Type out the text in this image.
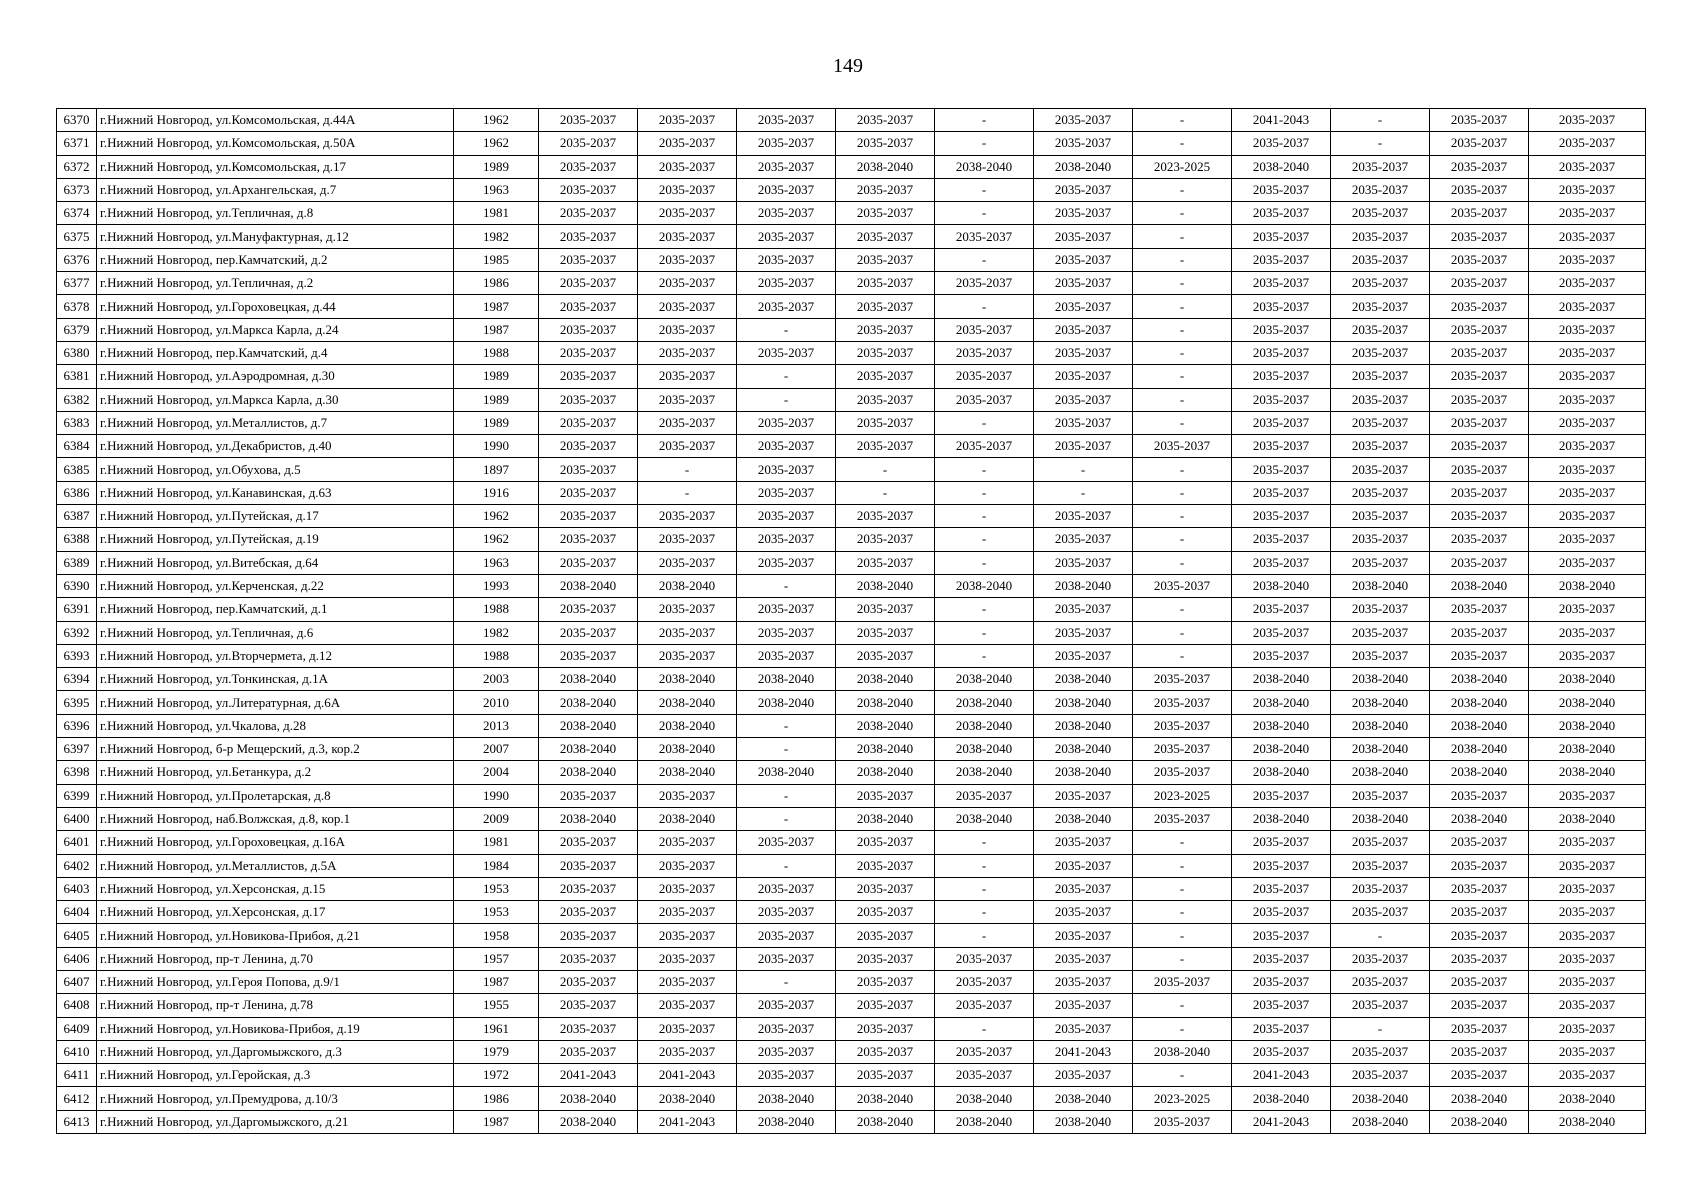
149
6370	г.Нижний Новгород, ул.Комсомольская, д.44А	1962	2035-2037	2035-2037	2035-2037	2035-2037	-	2035-2037	-	2041-2043	-	2035-2037	2035-2037
6371	г.Нижний Новгород, ул.Комсомольская, д.50А	1962	2035-2037	2035-2037	2035-2037	2035-2037	-	2035-2037	-	2035-2037	-	2035-2037	2035-2037
6372	г.Нижний Новгород, ул.Комсомольская, д.17	1989	2035-2037	2035-2037	2035-2037	2038-2040	2038-2040	2038-2040	2023-2025	2038-2040	2035-2037	2035-2037	2035-2037
6373	г.Нижний Новгород, ул.Архангельская, д.7	1963	2035-2037	2035-2037	2035-2037	2035-2037	-	2035-2037	-	2035-2037	2035-2037	2035-2037	2035-2037
6374	г.Нижний Новгород, ул.Тепличная, д.8	1981	2035-2037	2035-2037	2035-2037	2035-2037	-	2035-2037	-	2035-2037	2035-2037	2035-2037	2035-2037
6375	г.Нижний Новгород, ул.Мануфактурная, д.12	1982	2035-2037	2035-2037	2035-2037	2035-2037	2035-2037	2035-2037	-	2035-2037	2035-2037	2035-2037	2035-2037
6376	г.Нижний Новгород, пер.Камчатский, д.2	1985	2035-2037	2035-2037	2035-2037	2035-2037	-	2035-2037	-	2035-2037	2035-2037	2035-2037	2035-2037
6377	г.Нижний Новгород, ул.Тепличная, д.2	1986	2035-2037	2035-2037	2035-2037	2035-2037	2035-2037	2035-2037	-	2035-2037	2035-2037	2035-2037	2035-2037
6378	г.Нижний Новгород, ул.Гороховецкая, д.44	1987	2035-2037	2035-2037	2035-2037	2035-2037	-	2035-2037	-	2035-2037	2035-2037	2035-2037	2035-2037
6379	г.Нижний Новгород, ул.Маркса Карла, д.24	1987	2035-2037	2035-2037	-	2035-2037	2035-2037	2035-2037	-	2035-2037	2035-2037	2035-2037	2035-2037
6380	г.Нижний Новгород, пер.Камчатский, д.4	1988	2035-2037	2035-2037	2035-2037	2035-2037	2035-2037	2035-2037	-	2035-2037	2035-2037	2035-2037	2035-2037
6381	г.Нижний Новгород, ул.Аэродромная, д.30	1989	2035-2037	2035-2037	-	2035-2037	2035-2037	2035-2037	-	2035-2037	2035-2037	2035-2037	2035-2037
6382	г.Нижний Новгород, ул.Маркса Карла, д.30	1989	2035-2037	2035-2037	-	2035-2037	2035-2037	2035-2037	-	2035-2037	2035-2037	2035-2037	2035-2037
6383	г.Нижний Новгород, ул.Металлистов, д.7	1989	2035-2037	2035-2037	2035-2037	2035-2037	-	2035-2037	-	2035-2037	2035-2037	2035-2037	2035-2037
6384	г.Нижний Новгород, ул.Декабристов, д.40	1990	2035-2037	2035-2037	2035-2037	2035-2037	2035-2037	2035-2037	2035-2037	2035-2037	2035-2037	2035-2037	2035-2037
6385	г.Нижний Новгород, ул.Обухова, д.5	1897	2035-2037	-	2035-2037	-	-	-	-	2035-2037	2035-2037	2035-2037	2035-2037
6386	г.Нижний Новгород, ул.Канавинская, д.63	1916	2035-2037	-	2035-2037	-	-	-	-	2035-2037	2035-2037	2035-2037	2035-2037
6387	г.Нижний Новгород, ул.Путейская, д.17	1962	2035-2037	2035-2037	2035-2037	2035-2037	-	2035-2037	-	2035-2037	2035-2037	2035-2037	2035-2037
6388	г.Нижний Новгород, ул.Путейская, д.19	1962	2035-2037	2035-2037	2035-2037	2035-2037	-	2035-2037	-	2035-2037	2035-2037	2035-2037	2035-2037
6389	г.Нижний Новгород, ул.Витебская, д.64	1963	2035-2037	2035-2037	2035-2037	2035-2037	-	2035-2037	-	2035-2037	2035-2037	2035-2037	2035-2037
6390	г.Нижний Новгород, ул.Керченская, д.22	1993	2038-2040	2038-2040	-	2038-2040	2038-2040	2038-2040	2035-2037	2038-2040	2038-2040	2038-2040	2038-2040
6391	г.Нижний Новгород, пер.Камчатский, д.1	1988	2035-2037	2035-2037	2035-2037	2035-2037	-	2035-2037	-	2035-2037	2035-2037	2035-2037	2035-2037
6392	г.Нижний Новгород, ул.Тепличная, д.6	1982	2035-2037	2035-2037	2035-2037	2035-2037	-	2035-2037	-	2035-2037	2035-2037	2035-2037	2035-2037
6393	г.Нижний Новгород, ул.Вторчермета, д.12	1988	2035-2037	2035-2037	2035-2037	2035-2037	-	2035-2037	-	2035-2037	2035-2037	2035-2037	2035-2037
6394	г.Нижний Новгород, ул.Тонкинская, д.1А	2003	2038-2040	2038-2040	2038-2040	2038-2040	2038-2040	2038-2040	2035-2037	2038-2040	2038-2040	2038-2040	2038-2040
6395	г.Нижний Новгород, ул.Литературная, д.6А	2010	2038-2040	2038-2040	2038-2040	2038-2040	2038-2040	2038-2040	2035-2037	2038-2040	2038-2040	2038-2040	2038-2040
6396	г.Нижний Новгород, ул.Чкалова, д.28	2013	2038-2040	2038-2040	-	2038-2040	2038-2040	2038-2040	2035-2037	2038-2040	2038-2040	2038-2040	2038-2040
6397	г.Нижний Новгород, б-р Мещерский, д.3, кор.2	2007	2038-2040	2038-2040	-	2038-2040	2038-2040	2038-2040	2035-2037	2038-2040	2038-2040	2038-2040	2038-2040
6398	г.Нижний Новгород, ул.Бетанкура, д.2	2004	2038-2040	2038-2040	2038-2040	2038-2040	2038-2040	2038-2040	2035-2037	2038-2040	2038-2040	2038-2040	2038-2040
6399	г.Нижний Новгород, ул.Пролетарская, д.8	1990	2035-2037	2035-2037	-	2035-2037	2035-2037	2035-2037	2023-2025	2035-2037	2035-2037	2035-2037	2035-2037
6400	г.Нижний Новгород, наб.Волжская, д.8, кор.1	2009	2038-2040	2038-2040	-	2038-2040	2038-2040	2038-2040	2035-2037	2038-2040	2038-2040	2038-2040	2038-2040
6401	г.Нижний Новгород, ул.Гороховецкая, д.16А	1981	2035-2037	2035-2037	2035-2037	2035-2037	-	2035-2037	-	2035-2037	2035-2037	2035-2037	2035-2037
6402	г.Нижний Новгород, ул.Металлистов, д.5А	1984	2035-2037	2035-2037	-	2035-2037	-	2035-2037	-	2035-2037	2035-2037	2035-2037	2035-2037
6403	г.Нижний Новгород, ул.Херсонская, д.15	1953	2035-2037	2035-2037	2035-2037	2035-2037	-	2035-2037	-	2035-2037	2035-2037	2035-2037	2035-2037
6404	г.Нижний Новгород, ул.Херсонская, д.17	1953	2035-2037	2035-2037	2035-2037	2035-2037	-	2035-2037	-	2035-2037	2035-2037	2035-2037	2035-2037
6405	г.Нижний Новгород, ул.Новикова-Прибоя, д.21	1958	2035-2037	2035-2037	2035-2037	2035-2037	-	2035-2037	-	2035-2037	-	2035-2037	2035-2037
6406	г.Нижний Новгород, пр-т Ленина, д.70	1957	2035-2037	2035-2037	2035-2037	2035-2037	2035-2037	2035-2037	-	2035-2037	2035-2037	2035-2037	2035-2037
6407	г.Нижний Новгород, ул.Героя Попова, д.9/1	1987	2035-2037	2035-2037	-	2035-2037	2035-2037	2035-2037	2035-2037	2035-2037	2035-2037	2035-2037	2035-2037
6408	г.Нижний Новгород, пр-т Ленина, д.78	1955	2035-2037	2035-2037	2035-2037	2035-2037	2035-2037	2035-2037	-	2035-2037	2035-2037	2035-2037	2035-2037
6409	г.Нижний Новгород, ул.Новикова-Прибоя, д.19	1961	2035-2037	2035-2037	2035-2037	2035-2037	-	2035-2037	-	2035-2037	-	2035-2037	2035-2037
6410	г.Нижний Новгород, ул.Даргомыжского, д.3	1979	2035-2037	2035-2037	2035-2037	2035-2037	2035-2037	2041-2043	2038-2040	2035-2037	2035-2037	2035-2037	2035-2037
6411	г.Нижний Новгород, ул.Геройская, д.3	1972	2041-2043	2041-2043	2035-2037	2035-2037	2035-2037	2035-2037	-	2041-2043	2035-2037	2035-2037	2035-2037
6412	г.Нижний Новгород, ул.Премудрова, д.10/3	1986	2038-2040	2038-2040	2038-2040	2038-2040	2038-2040	2038-2040	2023-2025	2038-2040	2038-2040	2038-2040	2038-2040
6413	г.Нижний Новгород, ул.Даргомыжского, д.21	1987	2038-2040	2041-2043	2038-2040	2038-2040	2038-2040	2038-2040	2035-2037	2041-2043	2038-2040	2038-2040	2038-2040
